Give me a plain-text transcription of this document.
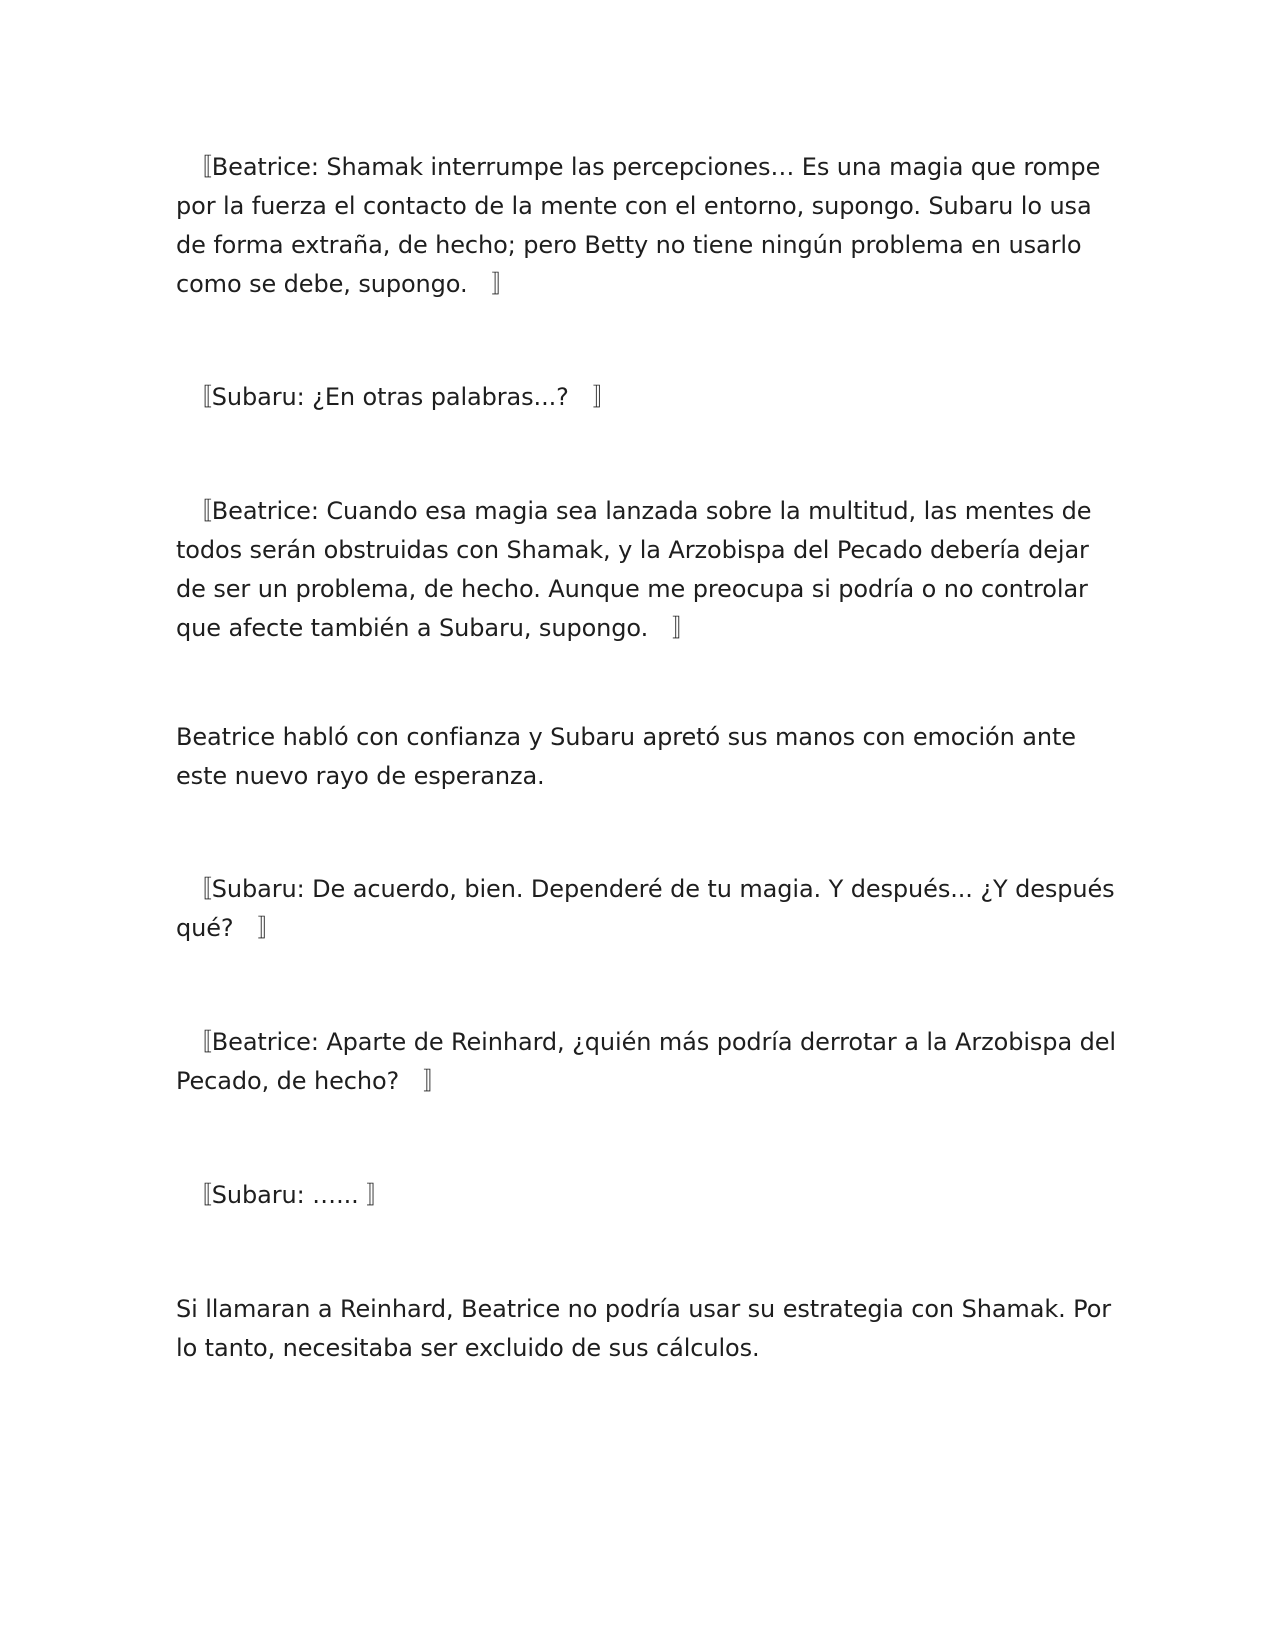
　〚Beatrice: Shamak interrumpe las percepciones… Es una magia que rompe por la fuerza el contacto de la mente con el entorno, supongo. Subaru lo usa de forma extraña, de hecho; pero Betty no tiene ningún problema en usarlo como se debe, supongo.　〛

　〚Subaru: ¿En otras palabras...?　〛

　〚Beatrice: Cuando esa magia sea lanzada sobre la multitud, las mentes de todos serán obstruidas con Shamak, y la Arzobispa del Pecado debería dejar de ser un problema, de hecho. Aunque me preocupa si podría o no controlar que afecte también a Subaru, supongo.　〛

Beatrice habló con confianza y Subaru apretó sus manos con emoción ante este nuevo rayo de esperanza.

　〚Subaru: De acuerdo, bien. Dependeré de tu magia. Y después... ¿Y después qué?　〛

　〚Beatrice: Aparte de Reinhard, ¿quién más podría derrotar a la Arzobispa del Pecado, de hecho?　〛

　〚Subaru: …... 〛

Si llamaran a Reinhard, Beatrice no podría usar su estrategia con Shamak. Por lo tanto, necesitaba ser excluido de sus cálculos.
